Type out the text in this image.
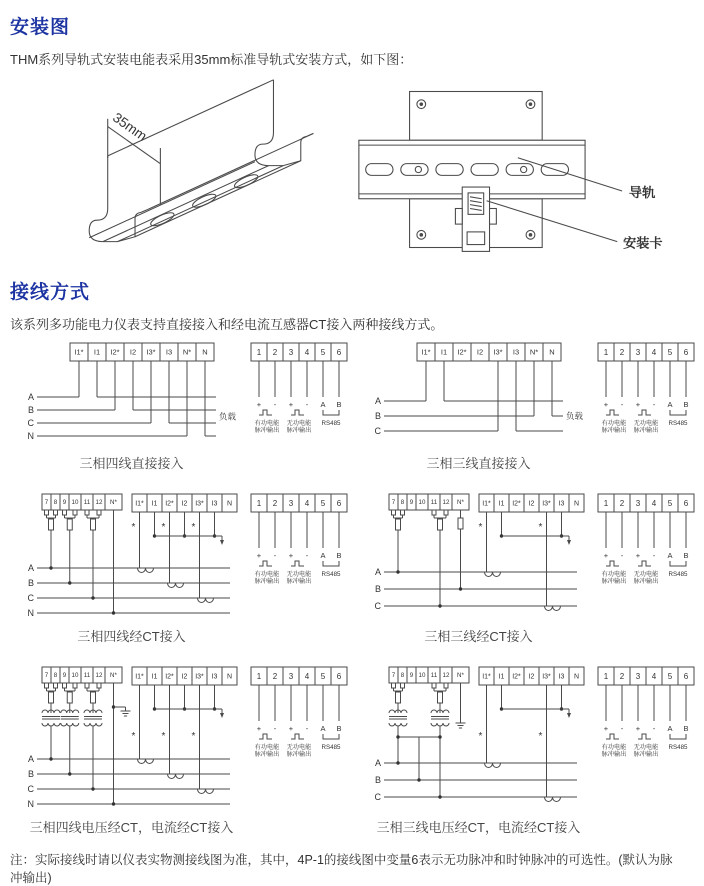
安装图

THM系列导轨式安装电能表采用35mm标准导轨式安装方式，如下图：

35mm
导轨
安装卡
接线方式

该系列多功能电力仪表支持直接接入和经电流互感器CT接入两种接线方式。

I1* I1 I2* I2 I3* I3 N* N
A
B
C
N
负载
三相四线直接接入
1 2 3 4 5 6
+ -
有功电能
脉冲输出
+ -
无功电能
脉冲输出
A B
RS485
I1* I1 I2* I2 I3* I3 N* N
A
B
C
负载
三相三线直接接入
1 2 3 4 5 6
+ -
有功电能
脉冲输出
+ -
无功电能
脉冲输出
A B
RS485
7 8 9 10 11 12 N*	I1* I1 I2* I2 I3* I3 N
A
B
C
N
*	*	*
三相四线经CT接入
1 2 3 4 5 6
+ -
有功电能
脉冲输出
+ -
无功电能
脉冲输出
A B
RS485
7 8 9 10 11 12 N*	I1* I1 I2* I2 I3* I3 N
A
B
C
*	*
三相三线经CT接入
1 2 3 4 5 6
+ -
有功电能
脉冲输出
+ -
无功电能
脉冲输出
A B
RS485
7 8 9 10 11 12 N*	I1* I1 I2* I2 I3* I3 N
A
B
C
N
*	*	*
三相四线电压经CT，电流经CT接入
1 2 3 4 5 6
+ -
有功电能
脉冲输出
+ -
无功电能
脉冲输出
A B
RS485
7 8 9 10 11 12 N*	I1* I1 I2* I2 I3* I3 N
A
B
C
*	*
三相三线电压经CT，电流经CT接入
1 2 3 4 5 6
+ -
有功电能
脉冲输出
+ -
无功电能
脉冲输出
A B
RS485

注：实际接线时请以仪表实物测接线图为准，其中，4P-1的接线图中变量6表示无功脉冲和时钟脉冲的可选性。(默认为脉冲输出)
